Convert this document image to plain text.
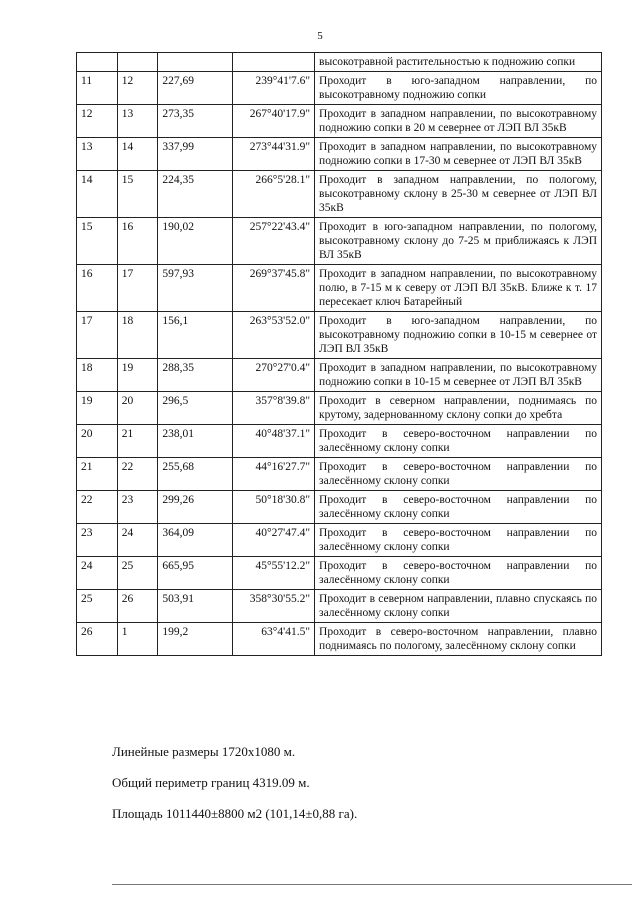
5
				высокотравной растительностью к подножию сопки
11	12	227,69	239°41'7.6"	Проходит в юго-западном направлении, по высокотравному подножию сопки
12	13	273,35	267°40'17.9"	Проходит в западном направлении, по высокотравному подножию сопки в 20 м севернее от ЛЭП ВЛ 35кВ
13	14	337,99	273°44'31.9"	Проходит в западном направлении, по высокотравному подножию сопки в 17-30 м севернее от ЛЭП ВЛ 35кВ
14	15	224,35	266°5'28.1"	Проходит в западном направлении, по пологому, высокотравному склону в 25-30 м севернее от ЛЭП ВЛ 35кВ
15	16	190,02	257°22'43.4"	Проходит в юго-западном направлении, по пологому, высокотравному склону до 7-25 м приближаясь к ЛЭП ВЛ 35кВ
16	17	597,93	269°37'45.8"	Проходит в западном направлении, по высокотравному полю, в 7-15 м к северу от ЛЭП ВЛ 35кВ. Ближе к т. 17 пересекает ключ Батарейный
17	18	156,1	263°53'52.0"	Проходит в юго-западном направлении, по высокотравному подножию сопки в 10-15 м севернее от ЛЭП ВЛ 35кВ
18	19	288,35	270°27'0.4"	Проходит в западном направлении, по высокотравному подножию сопки в 10-15 м севернее от ЛЭП ВЛ 35кВ
19	20	296,5	357°8'39.8"	Проходит в северном направлении, поднимаясь по крутому, задернованному склону сопки до хребта
20	21	238,01	40°48'37.1"	Проходит в северо-восточном направлении по залесённому склону сопки
21	22	255,68	44°16'27.7"	Проходит в северо-восточном направлении по залесённому склону сопки
22	23	299,26	50°18'30.8"	Проходит в северо-восточном направлении по залесённому склону сопки
23	24	364,09	40°27'47.4"	Проходит в северо-восточном направлении по залесённому склону сопки
24	25	665,95	45°55'12.2"	Проходит в северо-восточном направлении по залесённому склону сопки
25	26	503,91	358°30'55.2"	Проходит в северном направлении, плавно спускаясь по залесённому склону сопки
26	1	199,2	63°4'41.5"	Проходит в северо-восточном направлении, плавно поднимаясь по пологому, залесённому склону сопки
Линейные размеры 1720х1080 м.
Общий периметр границ 4319.09 м.
Площадь 1011440±8800 м2 (101,14±0,88 га).
